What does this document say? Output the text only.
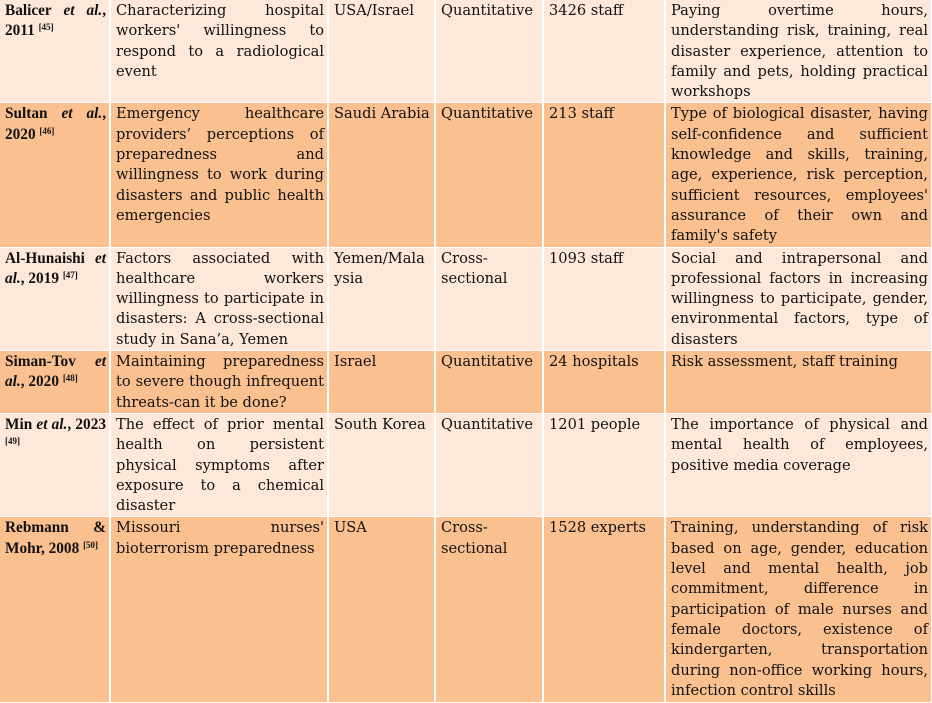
Balicer et al., 2011 [45]	Characterizing hospital workers' willingness to respond to a radiological event	USA/Israel	Quantitative	3426 staff	Paying overtime hours, understanding risk, training, real disaster experience, attention to family and pets, holding practical workshops
Sultan et al., 2020 [46]	Emergency healthcare providers’ perceptions of preparedness and willingness to work during disasters and public health emergencies	Saudi Arabia	Quantitative	213 staff	Type of biological disaster, having self-confidence and sufficient knowledge and skills, training, age, experience, risk perception, sufficient resources, employees' assurance of their own and family's safety
Al-Hunaishi et al., 2019 [47]	Factors associated with healthcare workers willingness to participate in disasters: A cross-sectional study in Sana’a, Yemen	Yemen/Malaysia	Cross-sectional	1093 staff	Social and intrapersonal and professional factors in increasing willingness to participate, gender, environmental factors, type of disasters
Siman-Tov et al., 2020 [48]	Maintaining preparedness to severe though infrequent threats-can it be done?	Israel	Quantitative	24 hospitals	Risk assessment, staff training
Min et al., 2023 [49]	The effect of prior mental health on persistent physical symptoms after exposure to a chemical disaster	South Korea	Quantitative	1201 people	The importance of physical and mental health of employees, positive media coverage
Rebmann & Mohr, 2008 [50]	Missouri nurses' bioterrorism preparedness	USA	Cross-sectional	1528 experts	Training, understanding of risk based on age, gender, education level and mental health, job commitment, difference in participation of male nurses and female doctors, existence of kindergarten, transportation during non-office working hours, infection control skills
